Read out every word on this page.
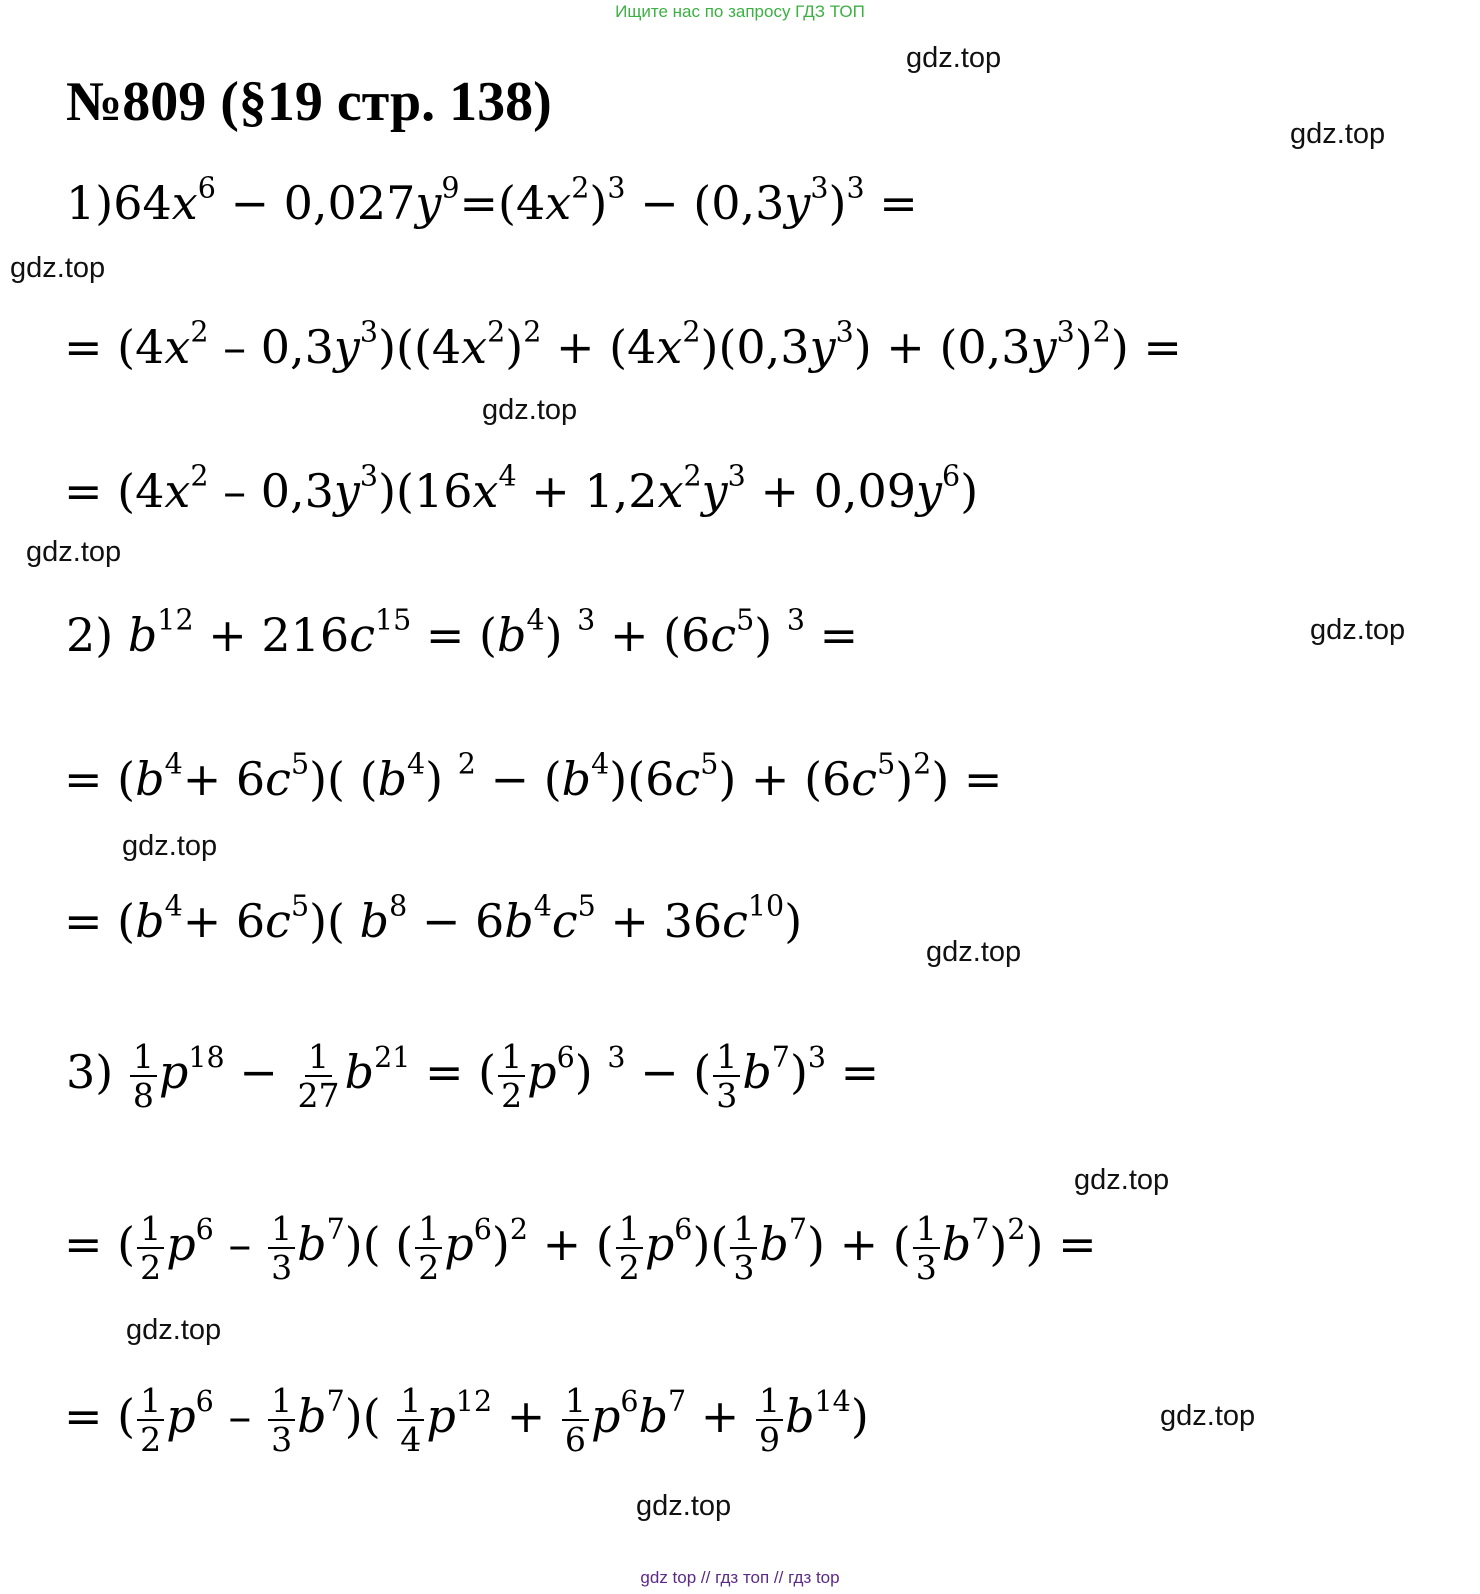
Ищите нас по запросу ГДЗ ТОП
№809 (§19 стр. 138)
gdz.top
gdz.top
gdz.top
gdz.top
gdz.top
gdz.top
gdz.top
gdz.top
gdz.top
gdz.top
gdz.top
gdz.top
$1)64x^6 - 0,027y^9=(4x^2)^3 - (0,3y^3)^3$ =
= $(4x^2 - 0,3y^3)((4x^2)^2 + (4x^2)(0,3y^3) + (0,3y^3)^2)$ =
= $(4x^2 - 0,3y^3)(16x^4 + 1,2x^2y^3 + 0,09y^6)$
2) $b^{12} + 216c^{15} = (b^4) ^3 + (6c^5) ^3$ =
= $(b^4+ 6c^5)$( $(b^4) ^2 - (b^4)(6c^5) + (6c^5)^2$) =
= $(b^4+ 6c^5)$( $b^8 - 6b^4c^5 + 36c^{10}$)
$3) \frac{1}{8} p^{18} - \frac{1}{27} b^{21}$ = ( $\frac{1}{2} p^6$) $^3$ − ( $\frac{1}{3} b^7)^3$ =
= ( $\frac{1}{2} p^6 - \frac{1}{3} b^7$)( ( $\frac{1}{2} p^6)^2$ + ( $\frac{1}{2} p^6)( \frac{1}{3} b^7)$ + ( $\frac{1}{3} b^7)^2$) =
= ( $\frac{1}{2} p^6 - \frac{1}{3} b^7)( \frac{1}{4} p^{12} + \frac{1}{6} p^6b^7 + \frac{1}{9} b^{14})$
gdz top // гдз топ // гдз top
